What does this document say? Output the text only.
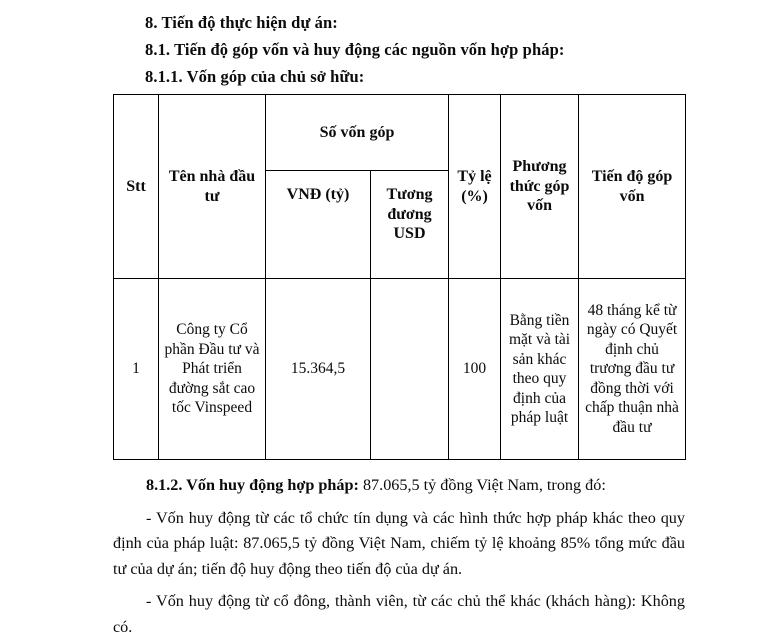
8. Tiến độ thực hiện dự án:

8.1. Tiến độ góp vốn và huy động các nguồn vốn hợp pháp:

8.1.1. Vốn góp của chủ sở hữu:

Stt	Tên nhà đầu tư	Số vốn góp		Tỷ lệ (%)	Phương thức góp vốn	Tiến độ góp vốn
		VNĐ (tỷ)	Tương đương USD			
1	Công ty Cổ phần Đầu tư và Phát triển đường sắt cao tốc Vinspeed	15.364,5		100	Bằng tiền mặt và tài sản khác theo quy định của pháp luật	48 tháng kể từ ngày có Quyết định chủ trương đầu tư đồng thời với chấp thuận nhà đầu tư

8.1.2. Vốn huy động hợp pháp: 87.065,5 tỷ đồng Việt Nam, trong đó:

- Vốn huy động từ các tổ chức tín dụng và các hình thức hợp pháp khác theo quy định của pháp luật: 87.065,5 tỷ đồng Việt Nam, chiếm tỷ lệ khoảng 85% tổng mức đầu tư của dự án; tiến độ huy động theo tiến độ của dự án.

- Vốn huy động từ cổ đông, thành viên, từ các chủ thể khác (khách hàng): Không có.
